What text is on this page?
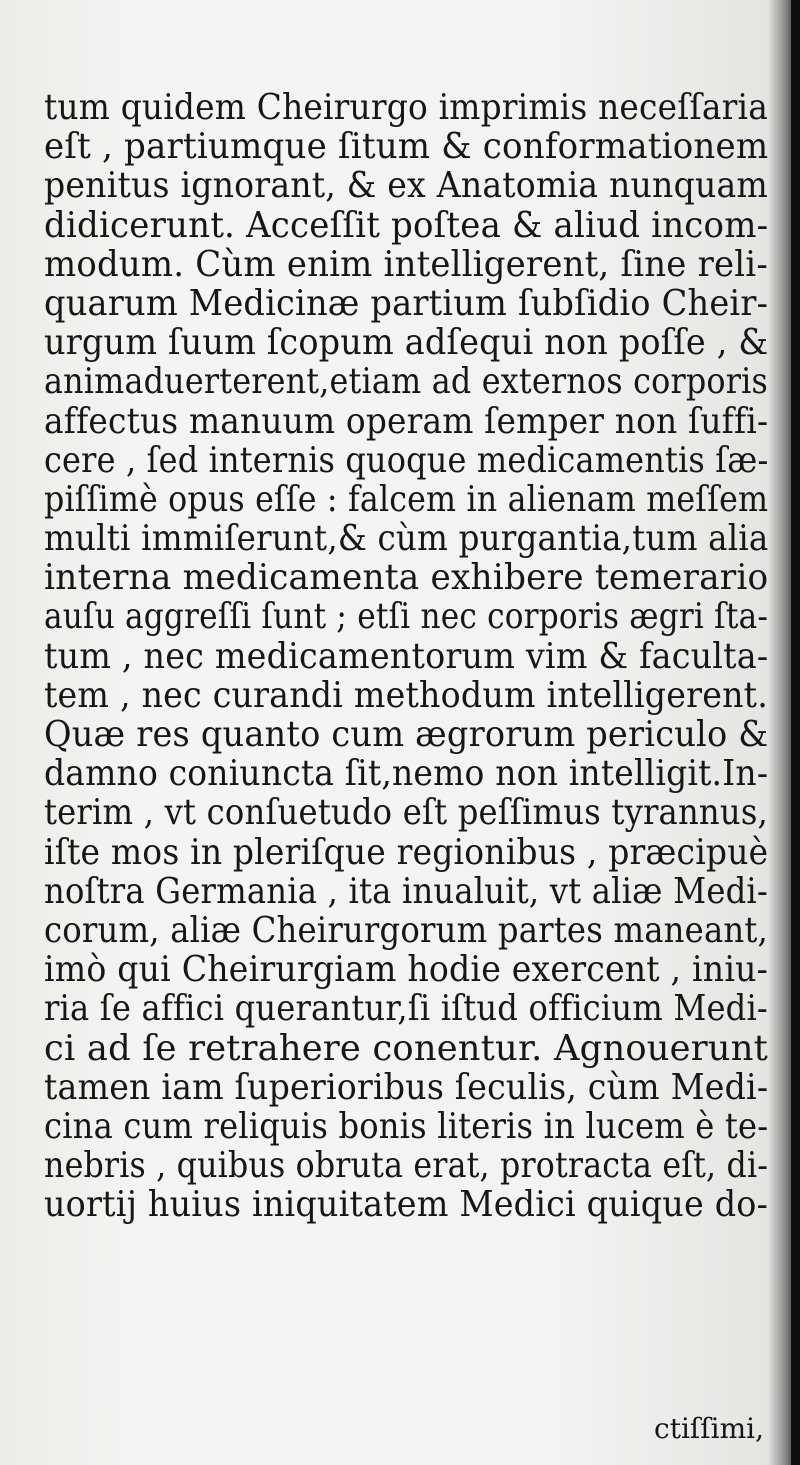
tum quidem Cheirurgo imprimis neceſſaria
eſt , partiumque ſitum & conformationem
penitus ignorant, & ex Anatomia nunquam
didicerunt. Acceſſit poſtea & aliud incom-
modum. Cùm enim intelligerent, ſine reli-
quarum Medicinæ partium ſubſidio Cheir-
urgum ſuum ſcopum adſequi non poſſe , &
animaduerterent,etiam ad externos corporis
affectus manuum operam ſemper non ſuffi-
cere , ſed internis quoque medicamentis ſæ-
piſſimè opus eſſe : falcem in alienam meſſem
multi immiſerunt,& cùm purgantia,tum alia
interna medicamenta exhibere temerario
auſu aggreſſi ſunt ; etſi nec corporis ægri ſta-
tum , nec medicamentorum vim & faculta-
tem , nec curandi methodum intelligerent.
Quæ res quanto cum ægrorum periculo &
damno coniuncta ſit,nemo non intelligit.In-
terim , vt conſuetudo eſt peſſimus tyrannus,
iſte mos in pleriſque regionibus , præcipuè
noſtra Germania , ita inualuit, vt aliæ Medi-
corum, aliæ Cheirurgorum partes maneant,
imò qui Cheirurgiam hodie exercent , iniu-
ria ſe affici querantur,ſi iſtud officium Medi-
ci ad ſe retrahere conentur. Agnouerunt
tamen iam ſuperioribus ſeculis, cùm Medi-
cina cum reliquis bonis literis in lucem è te-
nebris , quibus obruta erat, protracta eſt, di-
uortij huius iniquitatem Medici quique do-
ctiſſimi,
